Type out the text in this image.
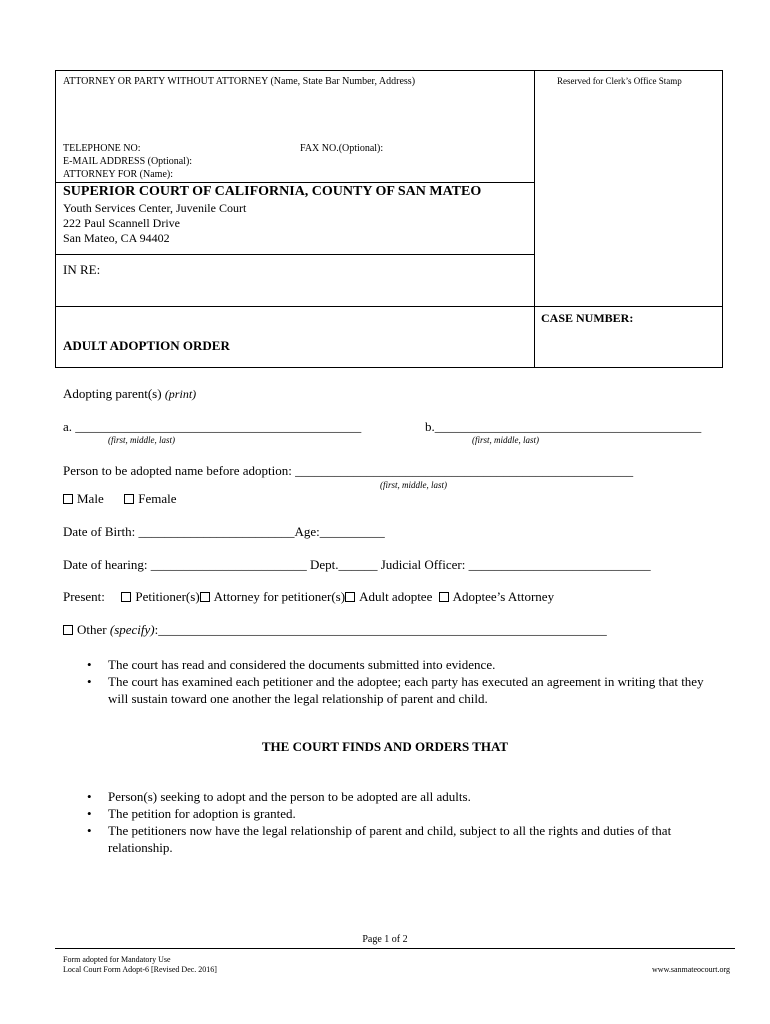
ATTORNEY OR PARTY WITHOUT ATTORNEY (Name, State Bar Number, Address)	Reserved for Clerk’s Office Stamp
TELEPHONE NO:	FAX NO.(Optional):
E-MAIL ADDRESS (Optional):
ATTORNEY FOR (Name):
SUPERIOR COURT OF CALIFORNIA, COUNTY OF SAN MATEO
Youth Services Center, Juvenile Court
222 Paul Scannell Drive
San Mateo, CA 94402
IN RE:
CASE NUMBER:
ADULT ADOPTION ORDER
Adopting parent(s) (print)
a. ____________________________________________	b._________________________________________
(first, middle, last)	(first, middle, last)
Person to be adopted name before adoption: ____________________________________________________
(first, middle, last)
Male	Female
Date of Birth: ________________________Age:__________
Date of hearing: ________________________ Dept.______ Judicial Officer: ____________________________
Present: Petitioner(s) Attorney for petitioner(s) Adult adoptee Adoptee’s Attorney
Other (specify):_____________________________________________________________________
• The court has read and considered the documents submitted into evidence.
• The court has examined each petitioner and the adoptee; each party has executed an agreement in writing that they will sustain toward one another the legal relationship of parent and child.
THE COURT FINDS AND ORDERS THAT
• Person(s) seeking to adopt and the person to be adopted are all adults.
• The petition for adoption is granted.
• The petitioners now have the legal relationship of parent and child, subject to all the rights and duties of that relationship.
Page 1 of 2
Form adopted for Mandatory Use
Local Court Form Adopt-6 [Revised Dec. 2016]	www.sanmateocourt.org
